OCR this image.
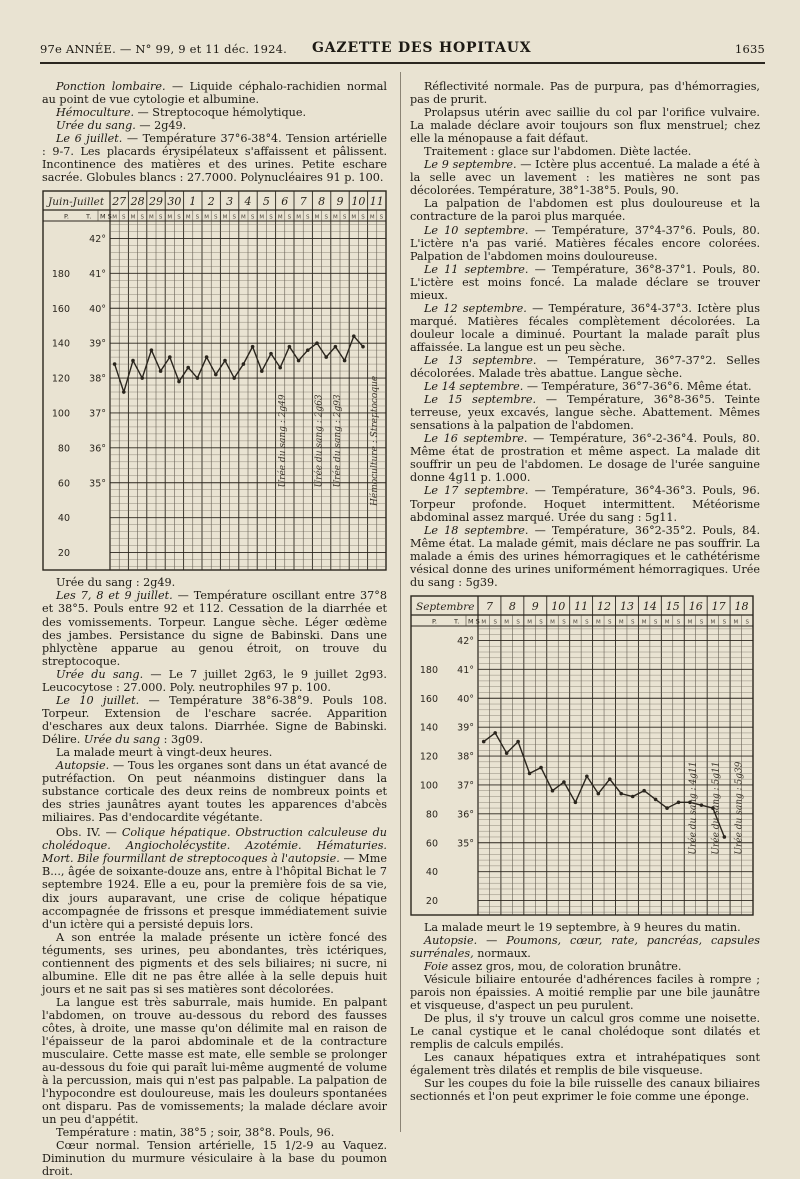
97e ANNÉE. — N° 99, 9 et 11 déc. 1924. GAZETTE DES HOPITAUX	1635

Ponction lombaire. — Liquide céphalo-rachidien normal au point de vue cytologie et albumine.

Hémoculture. — Streptocoque hémolytique.

Urée du sang. — 2g49.

Le 6 juillet. — Température 37°6-38°4. Tension artérielle : 9-7. Les placards érysipélateux s'affaissent et pâlissent. Incontinence des matières et des urines. Petite eschare sacrée. Globules blancs : 27.7000. Polynucléaires 91 p. 100.

Juin-Juillet
P.	T. M S
27
M S
28
M S
29
M S
30
M S
1
M S
2
M S
3
M S
4
M S
5
M S
6
M S
7
M S
8
M S
9
M S
10
M S
11
M S
42°
180 41°
160 40°
140 39°
120 38°
100 37°
80 36°
60 35°
40
20
Hémoculture : Streptocoque
Urée du sang : 2g49	Urée du sang : 2g63 Urée du sang : 2g93

Urée du sang : 2g49.

Les 7, 8 et 9 juillet. — Température oscillant entre 37°8 et 38°5. Pouls entre 92 et 112. Cessation de la diarrhée et des vomissements. Torpeur. Langue sèche. Léger œdème des jambes. Persistance du signe de Babinski. Dans une phlyctène apparue au genou étroit, on trouve du streptocoque.

Urée du sang. — Le 7 juillet 2g63, le 9 juillet 2g93. Leucocytose : 27.000. Poly. neutrophiles 97 p. 100.

Le 10 juillet. — Température 38°6-38°9. Pouls 108. Torpeur. Extension de l'eschare sacrée. Apparition d'eschares aux deux talons. Diarrhée. Signe de Babinski. Délire. Urée du sang : 3g09.

La malade meurt à vingt-deux heures.

Autopsie. — Tous les organes sont dans un état avancé de putréfaction. On peut néanmoins distinguer dans la substance corticale des deux reins de nombreux points et des stries jaunâtres ayant toutes les apparences d'abcès miliaires. Pas d'endocardite végétante.

Obs. IV. — Colique hépatique. Obstruction calculeuse du cholédoque. Angiocholécystite. Azotémie. Hématuries. Mort. Bile fourmillant de streptocoques à l'autopsie. — Mme B..., âgée de soixante-douze ans, entre à l'hôpital Bichat le 7 septembre 1924. Elle a eu, pour la première fois de sa vie, dix jours auparavant, une crise de colique hépatique accompagnée de frissons et presque immédiatement suivie d'un ictère qui a persisté depuis lors.

A son entrée la malade présente un ictère foncé des téguments, ses urines, peu abondantes, très ictériques, contiennent des pigments et des sels biliaires; ni sucre, ni albumine. Elle dit ne pas être allée à la selle depuis huit jours et ne sait pas si ses matières sont décolorées.

La langue est très saburrale, mais humide. En palpant l'abdomen, on trouve au-dessous du rebord des fausses côtes, à droite, une masse qu'on délimite mal en raison de l'épaisseur de la paroi abdominale et de la contracture musculaire. Cette masse est mate, elle semble se prolonger au-dessous du foie qui paraît lui-même augmenté de volume à la percussion, mais qui n'est pas palpable. La palpation de l'hypocondre est douloureuse, mais les douleurs spontanées ont disparu. Pas de vomissements; la malade déclare avoir un peu d'appétit.

Température : matin, 38°5 ; soir, 38°8. Pouls, 96.

Cœur normal. Tension artérielle, 15 1/2-9 au Vaquez. Diminution du murmure vésiculaire à la base du poumon droit.

Réflectivité normale. Pas de purpura, pas d'hémorragies, pas de prurit.

Prolapsus utérin avec saillie du col par l'orifice vulvaire. La malade déclare avoir toujours son flux menstruel; chez elle la ménopause a fait défaut.

Traitement : glace sur l'abdomen. Diète lactée.

Le 9 septembre. — Ictère plus accentué. La malade a été à la selle avec un lavement : les matières ne sont pas décolorées. Température, 38°1-38°5. Pouls, 90.

La palpation de l'abdomen est plus douloureuse et la contracture de la paroi plus marquée.

Le 10 septembre. — Température, 37°4-37°6. Pouls, 80. L'ictère n'a pas varié. Matières fécales encore colorées. Palpation de l'abdomen moins douloureuse.

Le 11 septembre. — Température, 36°8-37°1. Pouls, 80. L'ictère est moins foncé. La malade déclare se trouver mieux.

Le 12 septembre. — Température, 36°4-37°3. Ictère plus marqué. Matières fécales complètement décolorées. La douleur locale a diminué. Pourtant la malade paraît plus affaissée. La langue est un peu sèche.

Le 13 septembre. — Température, 36°7-37°2. Selles décolorées. Malade très abattue. Langue sèche.

Le 14 septembre. — Température, 36°7-36°6. Même état.

Le 15 septembre. — Température, 36°8-36°5. Teinte terreuse, yeux excavés, langue sèche. Abattement. Mêmes sensations à la palpation de l'abdomen.

Le 16 septembre. — Température, 36°-2-36°4. Pouls, 80. Même état de prostration et même aspect. La malade dit souffrir un peu de l'abdomen. Le dosage de l'urée sanguine donne 4g11 p. 1.000.

Le 17 septembre. — Température, 36°4-36°3. Pouls, 96. Torpeur profonde. Hoquet intermittent. Météorisme abdominal assez marqué. Urée du sang : 5g11.

Le 18 septembre. — Température, 36°2-35°2. Pouls, 84. Même état. La malade gémit, mais déclare ne pas souffrir. La malade a émis des urines hémorragiques et le cathétérisme vésical donne des urines uniformément hémorragiques. Urée du sang : 5g39.

Septembre
P.	T. M S
7
M S
8
M S
9
M S
10
M S
11
M S
12
M S
13
M S
14
M S
15
M S
16
M S
17
M S
18
M S
42°
180 41°
160 40°
140 39°
120 38°
100 37°
80 36°
60 35°
40
20
Urée du sang : 4g11 Urée du sang : 5g11 Urée du sang : 5g39

La malade meurt le 19 septembre, à 9 heures du matin.

Autopsie. — Poumons, cœur, rate, pancréas, capsules surrénales, normaux.

Foie assez gros, mou, de coloration brunâtre.

Vésicule biliaire entourée d'adhérences faciles à rompre ; parois non épaissies. A moitié remplie par une bile jaunâtre et visqueuse, d'aspect un peu purulent.

De plus, il s'y trouve un calcul gros comme une noisette. Le canal cystique et le canal cholédoque sont dilatés et remplis de calculs empilés.

Les canaux hépatiques extra et intrahépatiques sont également très dilatés et remplis de bile visqueuse.

Sur les coupes du foie la bile ruisselle des canaux biliaires sectionnés et l'on peut exprimer le foie comme une éponge.
